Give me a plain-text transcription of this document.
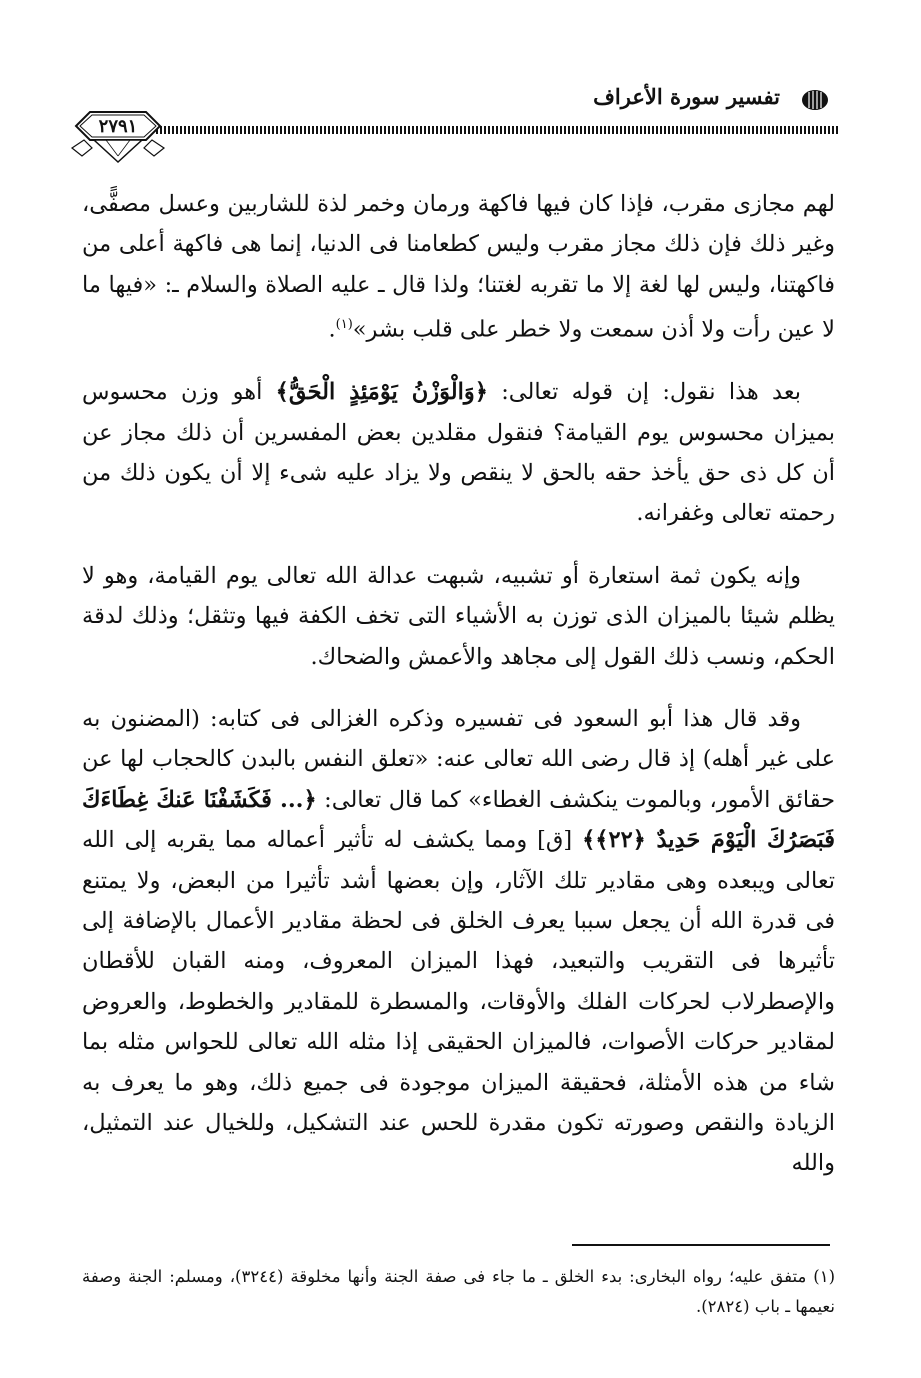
تفسير سورة الأعراف
٢٧٩١

لهم مجازى مقرب، فإذا كان فيها فاكهة ورمان وخمر لذة للشاربين وعسل مصفًّى، وغير ذلك فإن ذلك مجاز مقرب وليس كطعامنا فى الدنيا، إنما هى فاكهة أعلى من فاكهتنا، وليس لها لغة إلا ما تقربه لغتنا؛ ولذا قال ـ عليه الصلاة والسلام ـ: «فيها ما لا عين رأت ولا أذن سمعت ولا خطر على قلب بشر»$^{(١)}$.

بعد هذا نقول: إن قوله تعالى: ﴿وَالْوَزْنُ يَوْمَئِذٍ الْحَقُّ﴾ أهو وزن محسوس بميزان محسوس يوم القيامة؟ فنقول مقلدين بعض المفسرين أن ذلك مجاز عن أن كل ذى حق يأخذ حقه بالحق لا ينقص ولا يزاد عليه شىء إلا أن يكون ذلك من رحمته تعالى وغفرانه.

وإنه يكون ثمة استعارة أو تشبيه، شبهت عدالة الله تعالى يوم القيامة، وهو لا يظلم شيئا بالميزان الذى توزن به الأشياء التى تخف الكفة فيها وتثقل؛ وذلك لدقة الحكم، ونسب ذلك القول إلى مجاهد والأعمش والضحاك.

وقد قال هذا أبو السعود فى تفسيره وذكره الغزالى فى كتابه: (المضنون به على غير أهله) إذ قال رضى الله تعالى عنه: «تعلق النفس بالبدن كالحجاب لها عن حقائق الأمور، وبالموت ينكشف الغطاء» كما قال تعالى: ﴿... فَكَشَفْنَا عَنكَ غِطَاءَكَ فَبَصَرُكَ الْيَوْمَ حَدِيدٌ ﴿٢٢﴾﴾ [ق] ومما يكشف له تأثير أعماله مما يقربه إلى الله تعالى ويبعده وهى مقادير تلك الآثار، وإن بعضها أشد تأثيرا من البعض، ولا يمتنع فى قدرة الله أن يجعل سببا يعرف الخلق فى لحظة مقادير الأعمال بالإضافة إلى تأثيرها فى التقريب والتبعيد، فهذا الميزان المعروف، ومنه القبان للأقطان والإصطرلاب لحركات الفلك والأوقات، والمسطرة للمقادير والخطوط، والعروض لمقادير حركات الأصوات، فالميزان الحقيقى إذا مثله الله تعالى للحواس مثله بما شاء من هذه الأمثلة، فحقيقة الميزان موجودة فى جميع ذلك، وهو ما يعرف به الزيادة والنقص وصورته تكون مقدرة للحس عند التشكيل، وللخيال عند التمثيل، والله

(١) متفق عليه؛ رواه البخارى: بدء الخلق ـ ما جاء فى صفة الجنة وأنها مخلوقة (٣٢٤٤)، ومسلم: الجنة وصفة نعيمها ـ باب (٢٨٢٤).
